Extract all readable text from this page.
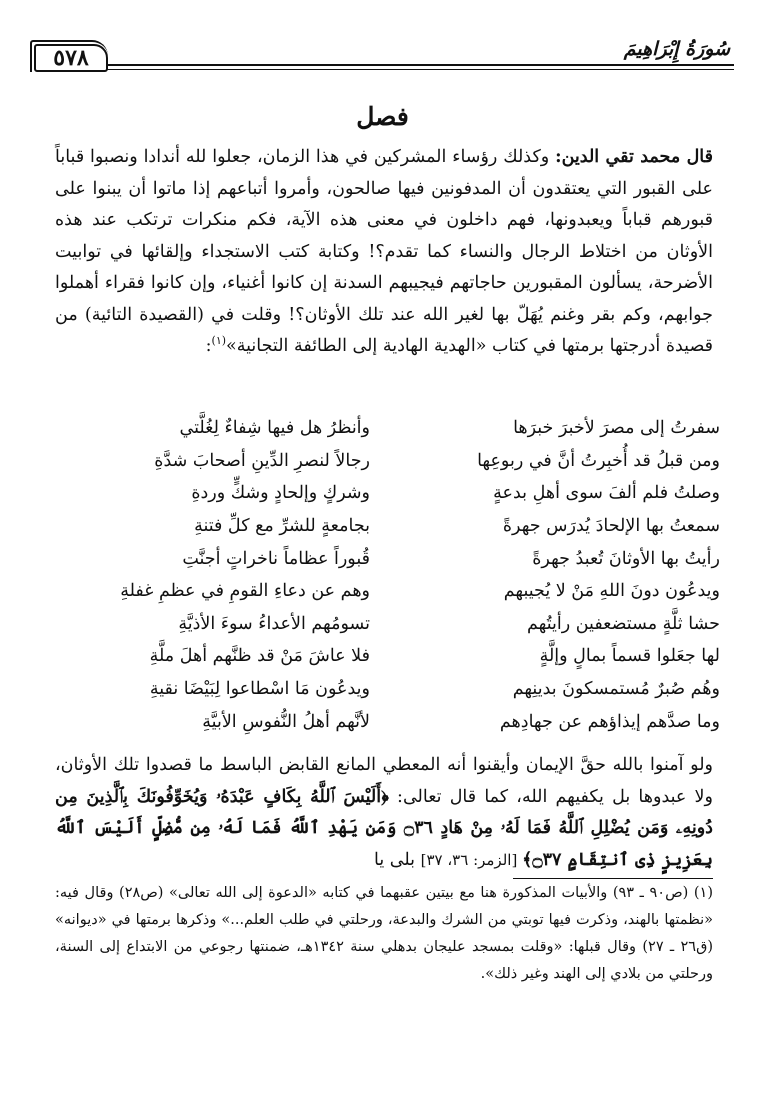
٥٧٨	سُورَةُ إِبْرَاهِيمَ
فصل

قال محمد تقي الدين: وكذلك رؤساء المشركين في هذا الزمان، جعلوا لله أندادا ونصبوا قباباً على القبور التي يعتقدون أن المدفونين فيها صالحون، وأمروا أتباعهم إذا ماتوا أن يبنوا على قبورهم قباباً ويعبدونها، فهم داخلون في معنى هذه الآية، فكم منكرات ترتكب عند هذه الأوثان من اختلاط الرجال والنساء كما تقدم؟! وكتابة كتب الاستجداء وإلقائها في توابيت الأضرحة، يسألون المقبورين حاجاتهم فيجيبهم السدنة إن كانوا أغنياء، وإن كانوا فقراء أهملوا جوابهم، وكم بقر وغنم يُهَلّ بها لغير الله عند تلك الأوثان؟! وقلت في (القصيدة التائية) من قصيدة أدرجتها برمتها في كتاب «الهدية الهادية إلى الطائفة التجانية»$^{(١)}$:

سفرتُ إلى مصرَ لأخبرَ خبرَها
وأنظرُ هل فيها شِفاءٌ لِغُلَّتي
ومن قبلُ قد أُخبِرتُ أنَّ في ربوعِها
رجالاً لنصرِ الدِّينِ أصحابَ شدَّةِ
وصلتُ فلم ألفَ سوى أهلِ بدعةٍ
وشركٍ وإلحادٍ وشكٍّ وردةِ
سمعتُ بها الإلحادَ يُدرَس جهرةً
بجامعةٍ للشرِّ مع كلِّ فتنةِ
رأيتُ بها الأوثانَ تُعبدُ جهرةً
قُبوراً عظاماً ناخراتٍ أجنَّتِ
ويدعُون دونَ اللهِ مَنْ لا يُجيبهم
وهم عن دعاءِ القومِ في عظمِ غفلةِ
حشا ثلَّةٍ مستضعفين رأيتُهم
تسومُهم الأعداءُ سوءَ الأذيَّةِ
لها جعَلوا قسماً بمالٍ وإلَّةٍ
فلا عاشَ مَنْ قد ظنَّهم أهلَ ملَّةِ
وهُم صُبرٌ مُستمسكونَ بدينِهم
ويدعُون مَا اسْطاعوا لِبَيْضَا نقيةِ
وما صدَّهم إيذاؤهم عن جهادِهم
لأنَّهم أهلُ النُّفوسِ الأبيَّةِ
ولو آمنوا بالله حقَّ الإيمان وأيقنوا أنه المعطي المانع القابض الباسط ما قصدوا تلك الأوثان، ولا عبدوها بل يكفيهم الله، كما قال تعالى: ﴿أَلَيْسَ ٱللَّهُ بِكَافٍ عَبْدَهُۥ وَيُخَوِّفُونَكَ بِٱلَّذِينَ مِن دُونِهِۦ وَمَن يُضْلِلِ ٱللَّهُ فَمَا لَهُۥ مِنْ هَادٍ ۝٣٦ وَمَن يَهْدِ ٱللَّهُ فَمَا لَهُۥ مِن مُّضِلٍّ أَلَيْسَ ٱللَّهُ بِعَزِيزٍ ذِى ٱنتِقَامٍ ۝٣٧﴾ [الزمر: ٣٦، ٣٧] بلى يا
(١) (ص٩٠ ـ ٩٣) والأبيات المذكورة هنا مع بيتين عقبهما في كتابه «الدعوة إلى الله تعالى» (ص٢٨) وقال فيه: «نظمتها بالهند، وذكرت فيها توبتي من الشرك والبدعة، ورحلتي في طلب العلم...» وذكرها برمتها في «ديوانه» (ق٢٦ ـ ٢٧) وقال قبلها: «وقلت بمسجد عليجان بدهلي سنة ١٣٤٢هـ، ضمنتها رجوعي من الابتداع إلى السنة، ورحلتي من بلادي إلى الهند وغير ذلك».
